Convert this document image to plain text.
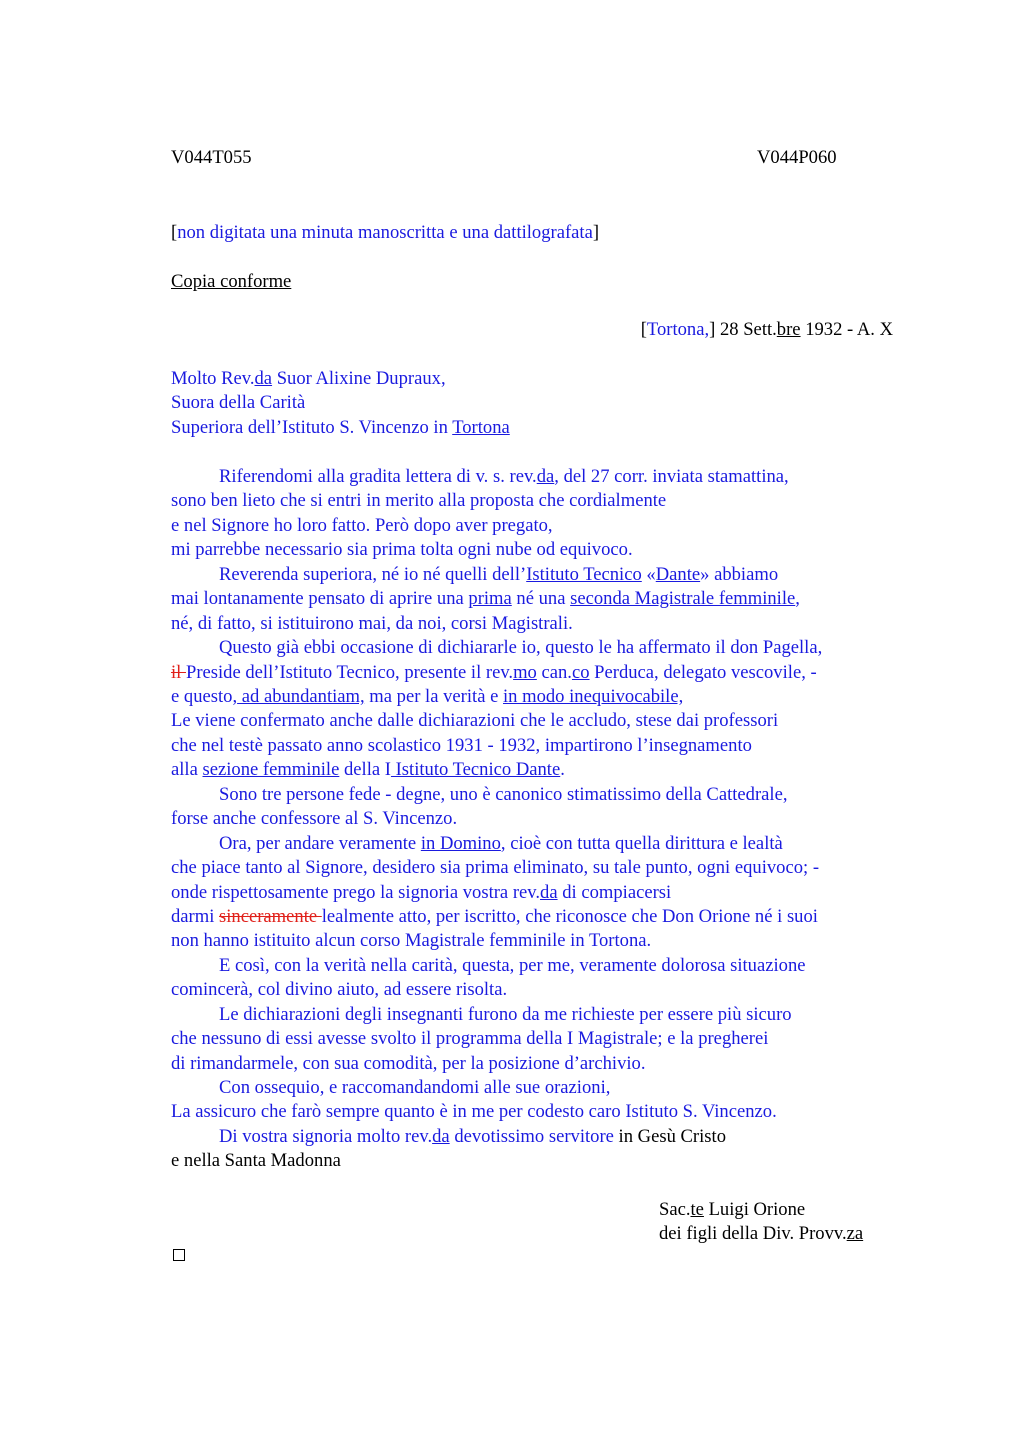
V044T055	V044P060
[non digitata una minuta manoscritta e una dattilografata]
Copia conforme
[Tortona,] 28 Sett.bre 1932 - A. X
Molto Rev.da Suor Alixine Dupraux,
Suora della Carità
Superiora dell’Istituto S. Vincenzo in Tortona
Riferendomi alla gradita lettera di v. s. rev.da, del 27 corr. inviata stamattina,
sono ben lieto che si entri in merito alla proposta che cordialmente
e nel Signore ho loro fatto. Però dopo aver pregato,
mi parrebbe necessario sia prima tolta ogni nube od equivoco.
Reverenda superiora, né io né quelli dell’Istituto Tecnico «Dante» abbiamo
mai lontanamente pensato di aprire una prima né una seconda Magistrale femminile,
né, di fatto, si istituirono mai, da noi, corsi Magistrali.
Questo già ebbi occasione di dichiararle io, questo le ha affermato il don Pagella,
il Preside dell’Istituto Tecnico, presente il rev.mo can.co Perduca, delegato vescovile, -
e questo, ad abundantiam, ma per la verità e in modo inequivocabile,
Le viene confermato anche dalle dichiarazioni che le accludo, stese dai professori
che nel testè passato anno scolastico 1931 - 1932, impartirono l’insegnamento
alla sezione femminile della I Istituto Tecnico Dante.
Sono tre persone fede - degne, uno è canonico stimatissimo della Cattedrale,
forse anche confessore al S. Vincenzo.
Ora, per andare veramente in Domino, cioè con tutta quella dirittura e lealtà
che piace tanto al Signore, desidero sia prima eliminato, su tale punto, ogni equivoco; -
onde rispettosamente prego la signoria vostra rev.da di compiacersi
darmi sinceramente lealmente atto, per iscritto, che riconosce che Don Orione né i suoi
non hanno istituito alcun corso Magistrale femminile in Tortona.
E così, con la verità nella carità, questa, per me, veramente dolorosa situazione
comincerà, col divino aiuto, ad essere risolta.
Le dichiarazioni degli insegnanti furono da me richieste per essere più sicuro
che nessuno di essi avesse svolto il programma della I Magistrale; e la pregherei
di rimandarmele, con sua comodità, per la posizione d’archivio.
Con ossequio, e raccomandandomi alle sue orazioni,
La assicuro che farò sempre quanto è in me per codesto caro Istituto S. Vincenzo.
Di vostra signoria molto rev.da devotissimo servitore in Gesù Cristo
e nella Santa Madonna
Sac.te Luigi Orione
dei figli della Div. Provv.za
